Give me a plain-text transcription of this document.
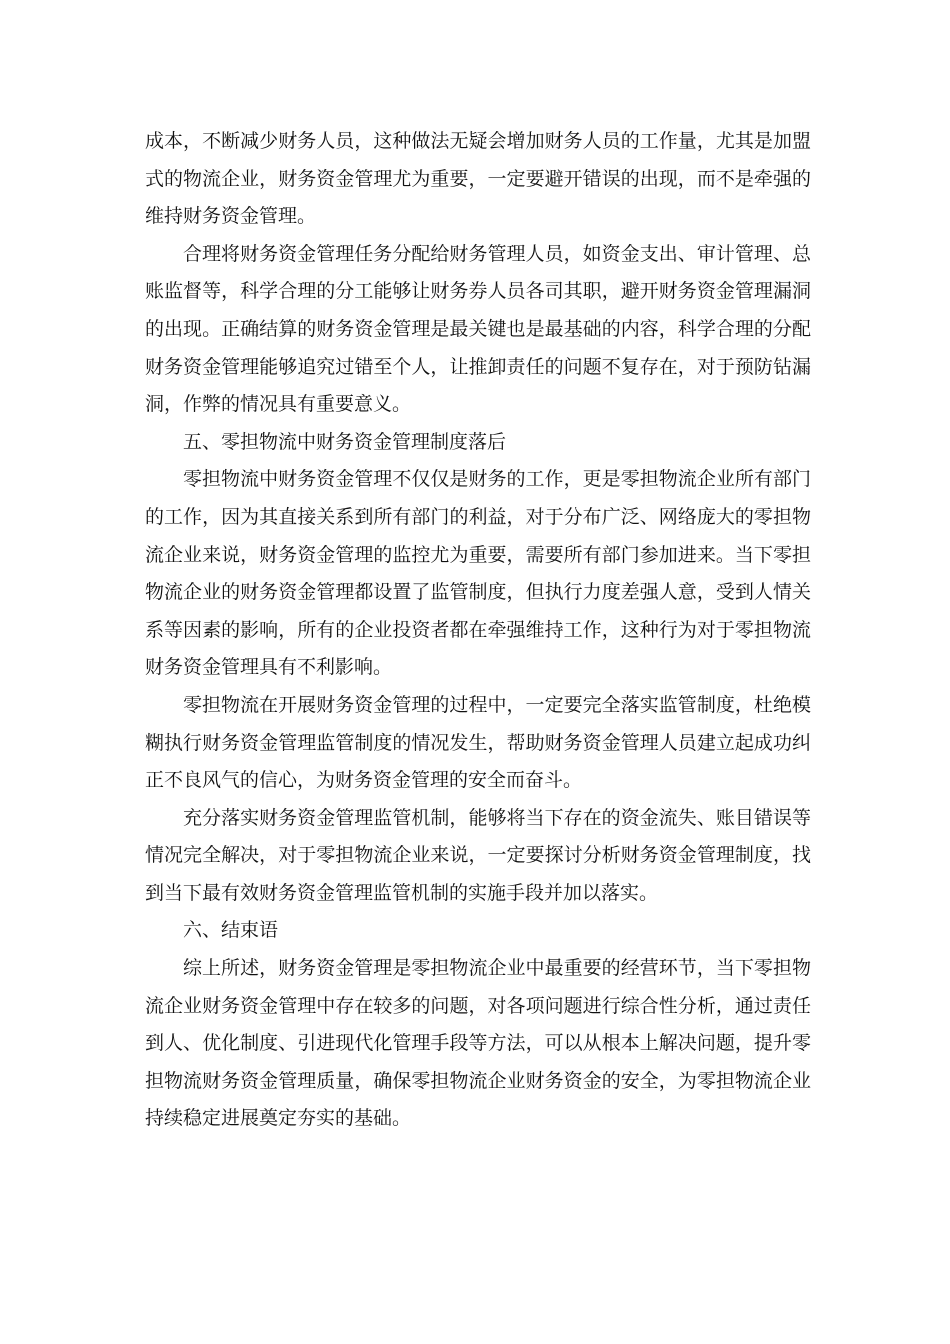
成本，不断减少财务人员，这种做法无疑会增加财务人员的工作量，尤其是加盟式的物流企业，财务资金管理尤为重要，一定要避开错误的出现，而不是牵强的维持财务资金管理。

合理将财务资金管理任务分配给财务管理人员，如资金支出、审计管理、总账监督等，科学合理的分工能够让财务券人员各司其职，避开财务资金管理漏洞的出现。正确结算的财务资金管理是最关键也是最基础的内容，科学合理的分配财务资金管理能够追究过错至个人，让推卸责任的问题不复存在，对于预防钻漏洞，作弊的情况具有重要意义。

五、零担物流中财务资金管理制度落后

零担物流中财务资金管理不仅仅是财务的工作，更是零担物流企业所有部门的工作，因为其直接关系到所有部门的利益，对于分布广泛、网络庞大的零担物流企业来说，财务资金管理的监控尤为重要，需要所有部门参加进来。当下零担物流企业的财务资金管理都设置了监管制度，但执行力度差强人意，受到人情关系等因素的影响，所有的企业投资者都在牵强维持工作，这种行为对于零担物流财务资金管理具有不利影响。

零担物流在开展财务资金管理的过程中，一定要完全落实监管制度，杜绝模糊执行财务资金管理监管制度的情况发生，帮助财务资金管理人员建立起成功纠正不良风气的信心，为财务资金管理的安全而奋斗。

充分落实财务资金管理监管机制，能够将当下存在的资金流失、账目错误等情况完全解决，对于零担物流企业来说，一定要探讨分析财务资金管理制度，找到当下最有效财务资金管理监管机制的实施手段并加以落实。

六、结束语

综上所述，财务资金管理是零担物流企业中最重要的经营环节，当下零担物流企业财务资金管理中存在较多的问题，对各项问题进行综合性分析，通过责任到人、优化制度、引进现代化管理手段等方法，可以从根本上解决问题，提升零担物流财务资金管理质量，确保零担物流企业财务资金的安全，为零担物流企业持续稳定进展奠定夯实的基础。
